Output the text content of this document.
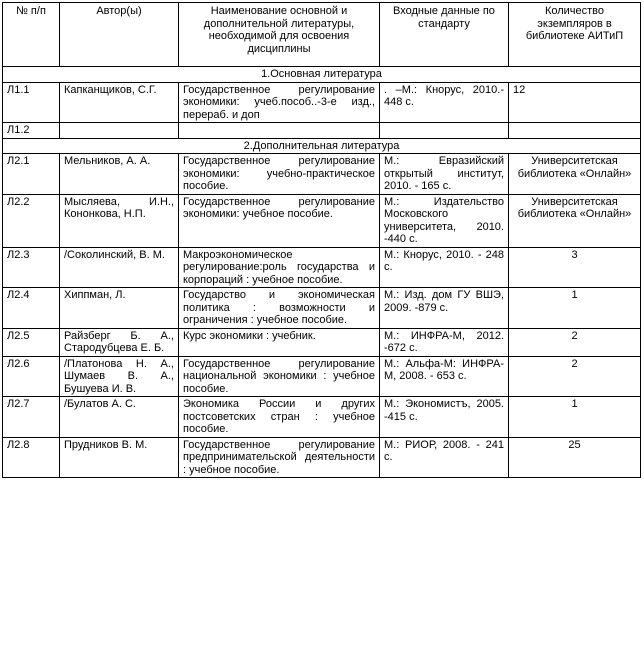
№ п/п	Автор(ы)	Наименование основной и дополнительной литературы, необходимой для освоения дисциплины	Входные данные по стандарту	Количество экземпляров в библиотеке АИТиП
1.Основная литература				
Л1.1	Капканщиков, С.Г.	Государственное регулирование экономики: учеб.пособ..-3-е изд., перераб. и доп	. –М.: Кнорус, 2010.- 448 с.	12
Л1.2				
2.Дополнительная литература				
Л2.1	Мельников, А. А.	Государственное регулирование экономики: учебно-практическое пособие.	М.: Евразийский открытый институт, 2010. - 165 с.	Университетская библиотека «Онлайн»
Л2.2	Мысляева, И.Н., Кононкова, Н.П.	Государственное регулирование экономики: учебное пособие.	М.: Издательство Московского университета, 2010. -440 с.	Университетская библиотека «Онлайн»
Л2.3	/Соколинский, В. М.	Макроэкономическое регулирование:роль государства и корпораций : учебное пособие.	М.: Кнорус, 2010. - 248 с.	3
Л2.4	Хиппман, Л.	Государство и экономическая политика : возможности и ограничения : учебное пособие.	М.: Изд. дом ГУ ВШЭ, 2009. -879 с.	1
Л2.5	Райзберг Б. А., Стародубцева Е. Б.	Курс экономики : учебник.	М.: ИНФРА-М, 2012. -672 с.	2
Л2.6	/Платонова Н. А., Шумаев В. А., Бушуева И. В.	Государственное регулирование национальной экономики : учебное пособие.	М.: Альфа-М: ИНФРА-М, 2008. - 653 с.	2
Л2.7	/Булатов А. С.	Экономика России и других постсоветских стран : учебное пособие.	М.: Экономистъ, 2005. -415 с.	1
Л2.8	Прудников В. М.	Государственное регулирование предпринимательской деятельности : учебное пособие.	М.: РИОР, 2008. - 241 с.	25
